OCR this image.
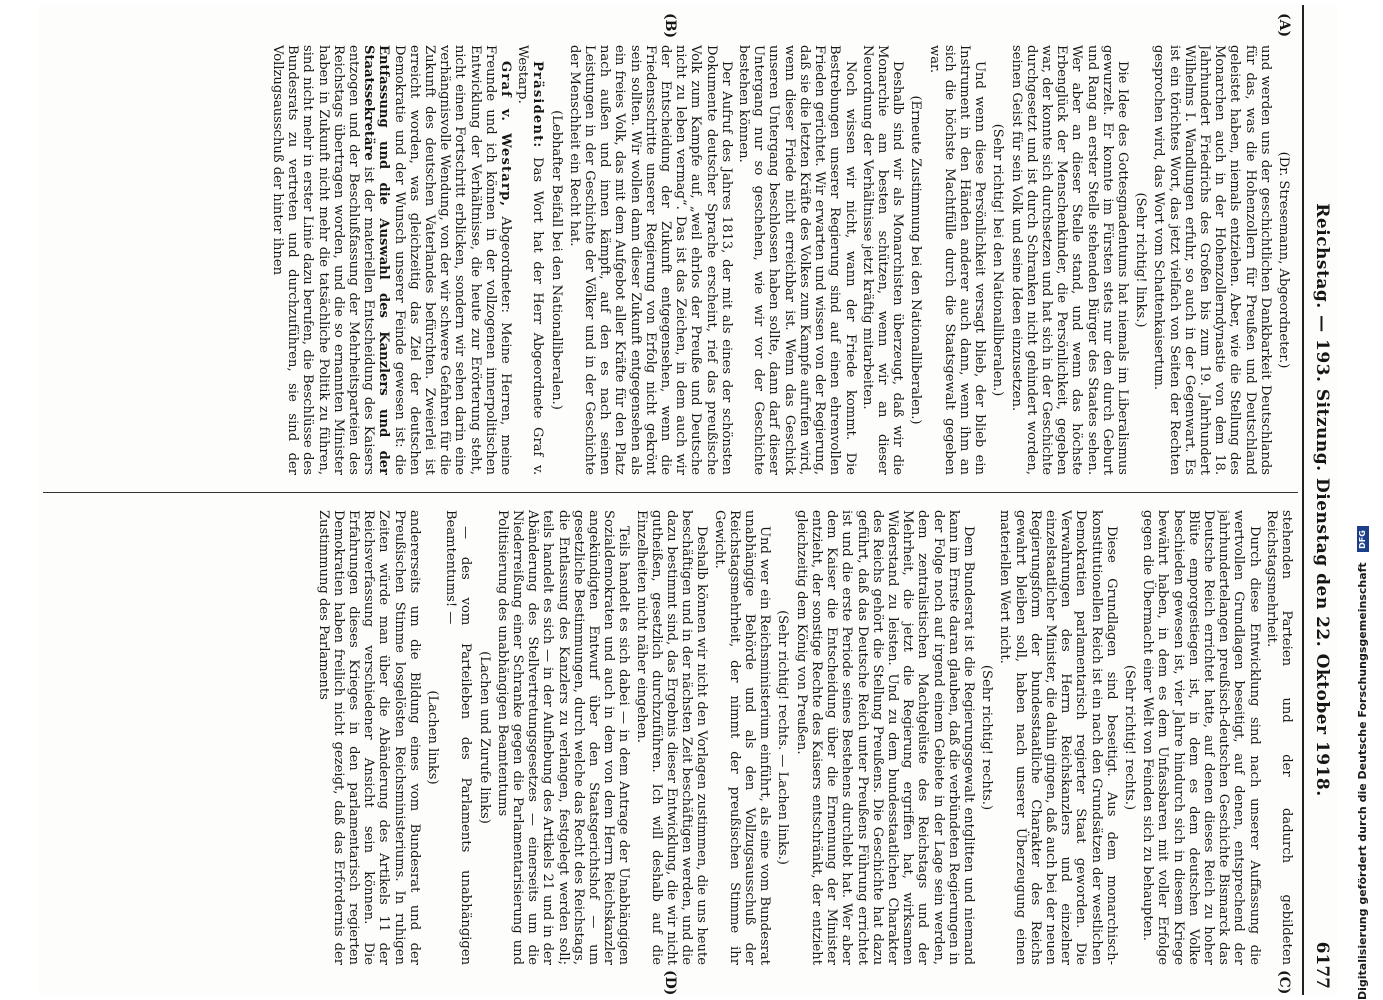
Reichstag. — 193. Sitzung. Dienstag den 22. Oktober 1918.
6177
(A)
(B)
(C)
(D)

(Dr. Stresemann, Abgeordneter.)

und werden uns der geschichtlichen Dankbarkeit Deutschlands für das, was die Hohenzollern für Preußen und Deutschland geleistet haben, niemals entziehen. Aber, wie die Stellung des Monarchen auch in der Hohenzollerndynastie von dem 18. Jahrhundert Friedrichs des Großen bis zum 19. Jahrhundert Wilhelms I. Wandlungen erfuhr, so auch in der Gegenwart. Es ist ein törichtes Wort, das jetzt vielfach von Seiten der Rechten gesprochen wird, das Wort vom Schattenkaisertum.

(Sehr richtig! links.)

Die Idee des Gottesgnadentums hat niemals im Liberalismus gewurzelt. Er konnte im Fürsten stets nur den durch Geburt und Rang an erster Stelle stehenden Bürger des Staates sehen. Wer aber an dieser Stelle stand, und wenn das höchste Erbenglück der Menschenkinder, die Persönlichkeit, gegeben war, der konnte sich durchsetzen und hat sich in der Geschichte durchgesetzt und ist durch Schranken nicht gehindert worden, seinen Geist für sein Volk und seine Ideen einzusetzen.

(Sehr richtig! bei den Nationalliberalen.)

Und wenn diese Persönlichkeit versagt blieb, der blieb ein Instrument in den Händen anderer auch dann, wenn ihm an sich die höchste Machtfülle durch die Staatsgewalt gegeben war.

(Erneute Zustimmung bei den Nationalliberalen.)

Deshalb sind wir als Monarchisten überzeugt, daß wir die Monarchie am besten schützen, wenn wir an dieser Neuordnung der Verhältnisse jetzt kräftig mitarbeiten.

Noch wissen wir nicht, wann der Friede kommt. Die Bestrebungen unserer Regierung sind auf einen ehrenvollen Frieden gerichtet. Wir erwarten und wissen von der Regierung, daß sie die letzten Kräfte des Volkes zum Kampfe aufrufen wird, wenn dieser Friede nicht erreichbar ist. Wenn das Geschick unseren Untergang beschlossen haben sollte, dann darf dieser Untergang nur so geschehen, wie wir vor der Geschichte bestehen können.

Der Aufruf des Jahres 1813, der mit als eines der schönsten Dokumente deutscher Sprache erscheint, rief das preußische Volk zum Kampfe auf, „weil ehrlos der Preuße und Deutsche nicht zu leben vermag“. Das ist das Zeichen, in dem auch wir der Entscheidung der Zukunft entgegensehen, wenn die Friedensschritte unserer Regierung von Erfolg nicht gekrönt sein sollten. Wir wollen dann dieser Zukunft entgegensehen als ein freies Volk, das mit dem Aufgebot aller Kräfte für den Platz nach außen und innen kämpft, auf den es nach seinen Leistungen in der Geschichte der Völker und in der Geschichte der Menschheit ein Recht hat.

(Lebhafter Beifall bei den Nationalliberalen.)

Präsident: Das Wort hat der Herr Abgeordnete Graf v. Westarp.

Graf v. Westarp, Abgeordneter: Meine Herren, meine Freunde und ich können in der vollzogenen innerpolitischen Entwicklung der Verhältnisse, die heute zur Erörterung steht, nicht einen Fortschritt erblicken, sondern wir sehen darin eine verhängnisvolle Wendung, von der wir schwere Gefahren für die Zukunft des deutschen Vaterlandes befürchten. Zweierlei ist erreicht worden, was gleichzeitig das Ziel der deutschen Demokratie und der Wunsch unserer Feinde gewesen ist: die Entfassung und die Auswahl des Kanzlers und der Staatssekretäre ist der materiellen Entscheidung des Kaisers entzogen und der Beschlußfassung der Mehrheitsparteien des Reichstags übertragen worden, und die so ernannten Minister haben in Zukunft nicht mehr die tatsächliche Politik zu führen, sind nicht mehr in erster Linie dazu berufen, die Beschlüsse des Bundesrats zu vertreten und durchzuführen, sie sind der Vollzugsausschuß der hinter ihnen

stehenden Parteien und der dadurch gebildeten Reichstagsmehrheit.

Durch diese Entwicklung sind nach unserer Auffassung die wertvollen Grundlagen beseitigt, auf denen, entsprechend der jahrhundertelangen preußisch-deutschen Geschichte Bismarck das Deutsche Reich errichtet hatte, auf denen dieses Reich zu hoher Blüte emporgestiegen ist, in dem es dem deutschen Volke beschieden gewesen ist, vier Jahre hindurch sich in diesem Kriege bewährt haben, in dem es dem Unfassbaren mit voller Erfolge gegen die Übermacht einer Welt von Feinden sich zu behaupten.

(Sehr richtig! rechts.)

Diese Grundlagen sind beseitigt. Aus dem monarchisch-konstitutionellen Reich ist ein nach den Grundsätzen der westlichen Demokratien parlamentarisch regierter Staat geworden. Die Verwahrungen des Herrn Reichskanzlers und einzelner einzelstaatlicher Minister, die dahin gingen, daß auch bei der neuen Regierungsform der bundesstaatliche Charakter des Reichs gewahrt bleiben soll, haben nach unserer Überzeugung einen materiellen Wert nicht.

(Sehr richtig! rechts.)

Dem Bundesrat ist die Regierungsgewalt entglitten und niemand kann im Ernste daran glauben, daß die verbündeten Regierungen in der Folge noch auf irgend einem Gebiete in der Lage sein werden, dem zentralistischen Machtgelüste des Reichstags und der Mehrheit, die jetzt die Regierung ergriffen hat, wirksamen Widerstand zu leisten. Und zu dem bundesstaatlichen Charakter des Reichs gehört die Stellung Preußens. Die Geschichte hat dazu geführt, daß das Deutsche Reich unter Preußens Führung errichtet ist und die erste Periode seines Bestehens durchlebt hat. Wer aber dem Kaiser die Entscheidung über die Ernennung der Minister entzieht, der sonstige Rechte des Kaisers entschränkt, der entzieht gleichzeitig dem König von Preußen.

(Sehr richtig! rechts. — Lachen links.)

Und wer ein Reichsministerium einführt, als eine vom Bundesrat unabhängige Behörde und als den Vollzugsausschuß der Reichstagsmehrheit, der nimmt der preußischen Stimme ihr Gewicht.

Deshalb können wir nicht den Vorlagen zustimmen, die uns heute beschäftigen und in der nächsten Zeit beschäftigen werden, und die dazu bestimmt sind, das Ergebnis dieser Entwicklung, die wir nicht gutheißen, gesetzlich durchzuführen. Ich will deshalb auf die Einzelheiten nicht näher eingehen.

Teils handelt es sich dabei — in dem Antrage der Unabhängigen Sozialdemokraten und auch in dem von dem Herrn Reichskanzler angekündigten Entwurf über den Staatsgerichtshof — um gesetzliche Bestimmungen, durch welche das Recht des Reichstags, die Entlassung des Kanzlers zu verlangen, festgelegt werden soll; teils handelt es sich — in der Aufhebung des Artikels 21 und in der Abänderung des Stellvertretungsgesetzes — einerseits um die Niederreißung einer Schranke gegen die Parlamentarisierung und Politisierung des unabhängigen Beamtentums

(Lachen und Zurufe links)

— des vom Parteileben des Parlaments unabhängigen Beamtentums! —

(Lachen links)

andererseits um die Bildung eines vom Bundesrat und der Preußischen Stimme losgelösten Reichsministeriums. In ruhigen Zeiten würde man über die Abänderung des Artikels 11 der Reichsverfassung verschiedener Ansicht sein können. Die Erfahrungen dieses Krieges in den parlamentarisch regierten Demokratien haben freilich nicht gezeigt, daß das Erfordernis der Zustimmung des Parlaments	Digitalisierung gefördert durch die Deutsche Forschungsgemeinschaft DFG
